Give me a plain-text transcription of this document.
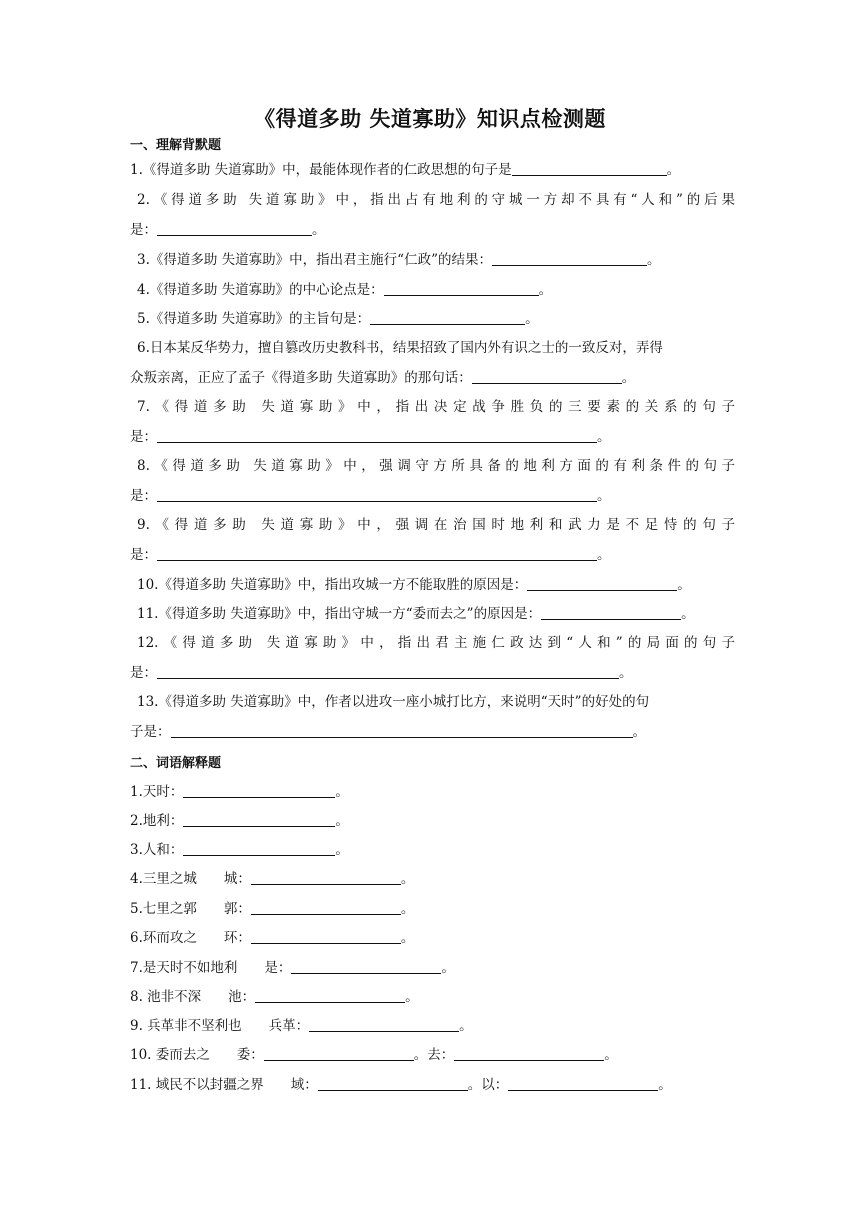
《得道多助 失道寡助》知识点检测题
一、理解背默题
1.《得道多助 失道寡助》中，最能体现作者的仁政思想的句子是	。
2.《得道多助 失道寡助》中，指出占有地利的守城一方却不具有“人和”的后果
是：	。
3.《得道多助 失道寡助》中，指出君主施行“仁政”的结果：	。
4.《得道多助 失道寡助》的中心论点是：	。
5.《得道多助 失道寡助》的主旨句是：	。
6.日本某反华势力，擅自篡改历史教科书，结果招致了国内外有识之士的一致反对，弄得
众叛亲离，正应了孟子《得道多助 失道寡助》的那句话：	。
7.《得道多助 失道寡助》中，指出决定战争胜负的三要素的关系的句子
是：	。
8.《得道多助 失道寡助》中，强调守方所具备的地利方面的有利条件的句子
是：	。
9.《得道多助 失道寡助》中，强调在治国时地利和武力是不足恃的句子
是：	。
10.《得道多助 失道寡助》中，指出攻城一方不能取胜的原因是：	。
11.《得道多助 失道寡助》中，指出守城一方“委而去之”的原因是：	。
12.《得道多助 失道寡助》中，指出君主施仁政达到“人和”的局面的句子
是：	。
13.《得道多助 失道寡助》中，作者以进攻一座小城打比方，来说明“天时”的好处的句
子是：	。
二、词语解释题
1.天时：	。
2.地利：	。
3.人和：	。
4.三里之城　　城：	。
5.七里之郭　　郭：	。
6.环而攻之　　环：	。
7.是天时不如地利　　是：	。
8. 池非不深　　池：	。
9. 兵革非不坚利也　　兵革：	。
10. 委而去之　　委：	。去：	。
11. 域民不以封疆之界　　域：	。以：	。
